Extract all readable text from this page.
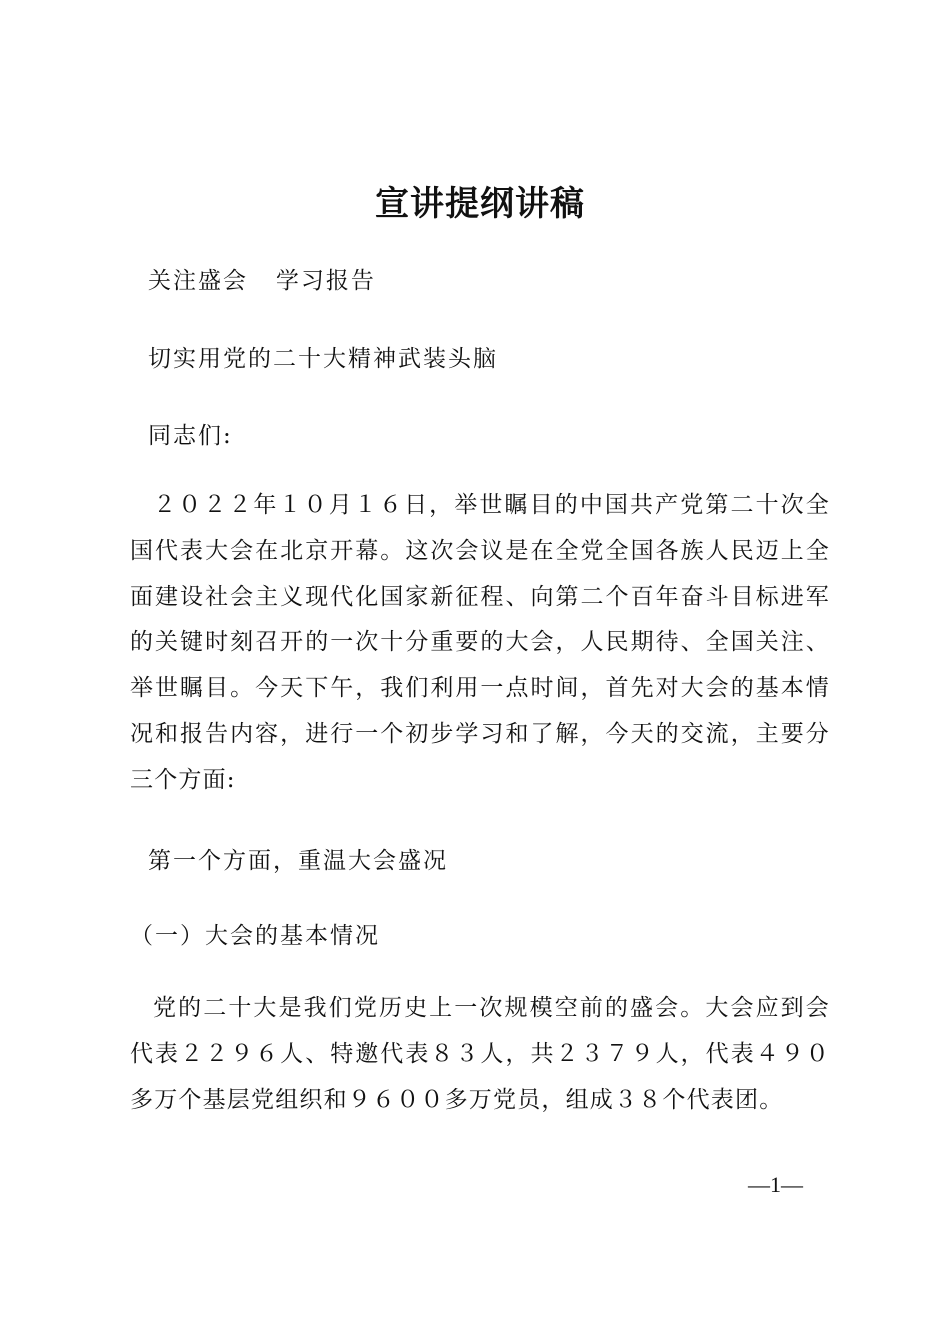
宣讲提纲讲稿
关注盛会   学习报告
切实用党的二十大精神武装头脑
同志们:
２０２２年１０月１６日，举世瞩目的中国共产党第二十次全国代表大会在北京开幕。这次会议是在全党全国各族人民迈上全面建设社会主义现代化国家新征程、向第二个百年奋斗目标进军的关键时刻召开的一次十分重要的大会，人民期待、全国关注、举世瞩目。今天下午，我们利用一点时间，首先对大会的基本情况和报告内容，进行一个初步学习和了解，今天的交流，主要分三个方面:
第一个方面，重温大会盛况
（一）大会的基本情况
党的二十大是我们党历史上一次规模空前的盛会。大会应到会代表２２９６人、特邀代表８３人，共２３７９人，代表４９０多万个基层党组织和９６００多万党员，组成３８个代表团。
—1—
